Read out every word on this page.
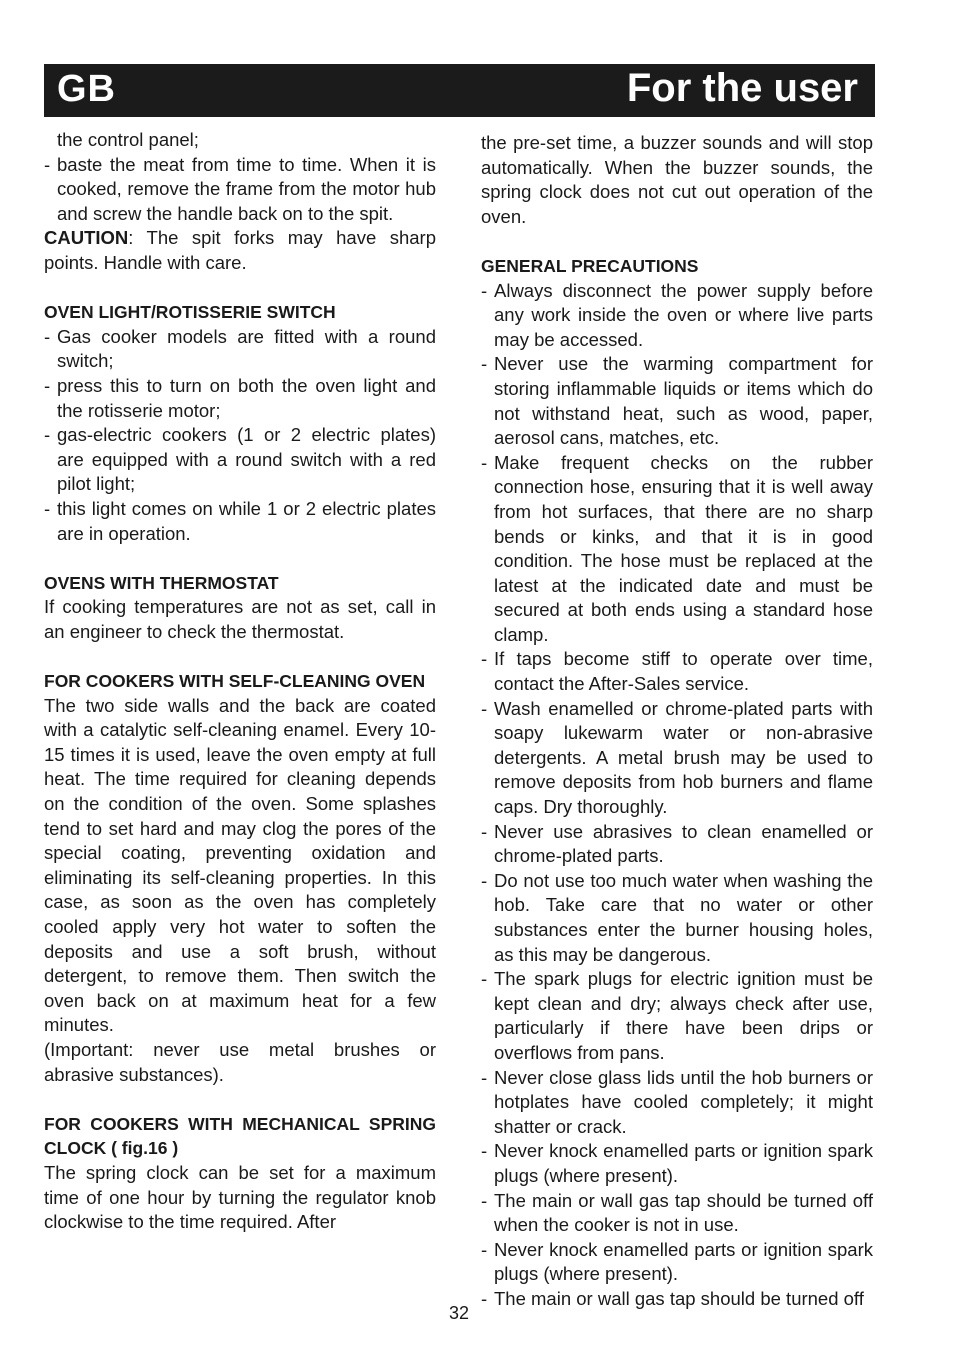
GB	For the user

the control panel;

- baste the meat from time to time. When it is cooked, remove the frame from the motor hub and screw the handle back on to the spit.

CAUTION: The spit forks may have sharp points. Handle with care.

OVEN LIGHT/ROTISSERIE SWITCH

- Gas cooker models are fitted with a round switch;

- press this to turn on both the oven light and the rotisserie motor;

- gas-electric cookers (1 or 2 electric plates) are equipped with a round switch with a red pilot light;

- this light comes on while 1 or 2 electric plates are in operation.

OVENS WITH THERMOSTAT

If cooking temperatures are not as set, call in an engineer to check the thermostat.

FOR COOKERS WITH SELF-CLEANING OVEN

The two side walls and the back are coated with a catalytic self-cleaning enamel. Every 10-15 times it is used, leave the oven empty at full heat. The time required for cleaning depends on the condition of the oven. Some splashes tend to set hard and may clog the pores of the special coating, preventing oxidation and eliminating its self-cleaning properties. In this case, as soon as the oven has completely cooled apply very hot water to soften the deposits and use a soft brush, without detergent, to remove them. Then switch the oven back on at maximum heat for a few minutes.

(Important: never use metal brushes or abrasive substances).

FOR COOKERS WITH MECHANICAL SPRING CLOCK ( fig.16 )

The spring clock can be set for a maximum time of one hour by turning the regulator knob clockwise to the time required. After

the pre-set time, a buzzer sounds and will stop automatically. When the buzzer sounds, the spring clock does not cut out operation of the oven.

GENERAL PRECAUTIONS

- Always disconnect the power supply before any work inside the oven or where live parts may be accessed.

- Never use the warming compartment for storing inflammable liquids or items which do not withstand heat, such as wood, paper, aerosol cans, matches, etc.

- Make frequent checks on the rubber connection hose, ensuring that it is well away from hot surfaces, that there are no sharp bends or kinks, and that it is in good condition. The hose must be replaced at the latest at the indicated date and must be secured at both ends using a standard hose clamp.

- If taps become stiff to operate over time, contact the After-Sales service.

- Wash enamelled or chrome-plated parts with soapy lukewarm water or non-abrasive detergents. A metal brush may be used to remove deposits from hob burners and flame caps. Dry thoroughly.

- Never use abrasives to clean enamelled or chrome-plated parts.

- Do not use too much water when washing the hob. Take care that no water or other substances enter the burner housing holes, as this may be dangerous.

- The spark plugs for electric ignition must be kept clean and dry; always check after use, particularly if there have been drips or overflows from pans.

- Never close glass lids until the hob burners or hotplates have cooled completely; it might shatter or crack.

- Never knock enamelled parts or ignition spark plugs (where present).

- The main or wall gas tap should be turned off when the cooker is not in use.

- Never knock enamelled parts or ignition spark plugs (where present).

- The main or wall gas tap should be turned off

32
